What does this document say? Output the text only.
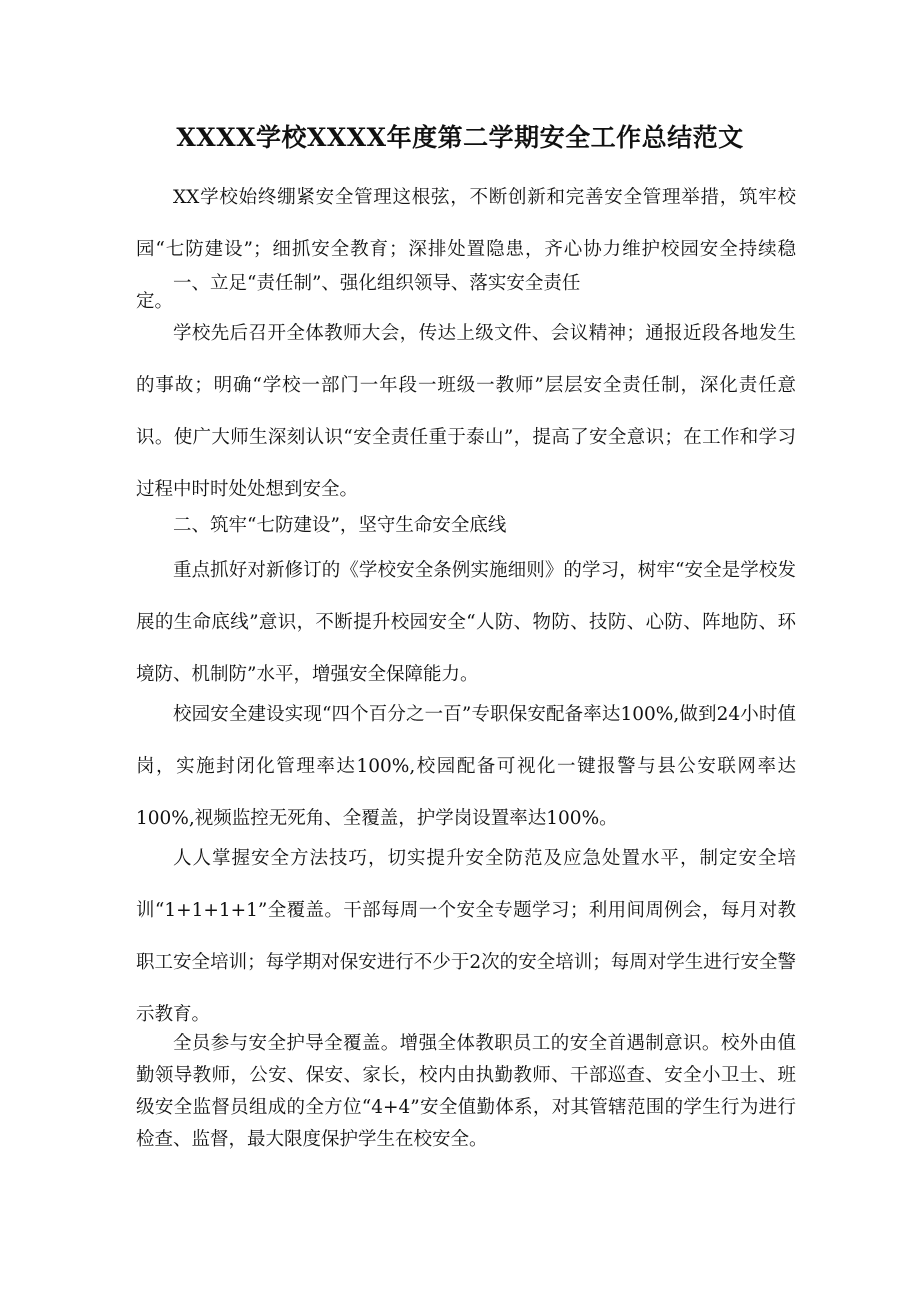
XXXX学校XXXX年度第二学期安全工作总结范文

XX学校始终绷紧安全管理这根弦，不断创新和完善安全管理举措，筑牢校园“七防建设”；细抓安全教育；深排处置隐患，齐心协力维护校园安全持续稳定。

一、立足“责任制”、强化组织领导、落实安全责任

学校先后召开全体教师大会，传达上级文件、会议精神；通报近段各地发生的事故；明确“学校一部门一年段一班级一教师”层层安全责任制，深化责任意识。使广大师生深刻认识“安全责任重于泰山”，提高了安全意识；在工作和学习过程中时时处处想到安全。

二、筑牢“七防建设”，坚守生命安全底线

重点抓好对新修订的《学校安全条例实施细则》的学习，树牢“安全是学校发展的生命底线”意识，不断提升校园安全“人防、物防、技防、心防、阵地防、环境防、机制防”水平，增强安全保障能力。

校园安全建设实现“四个百分之一百”专职保安配备率达100%,做到24小时值岗，实施封闭化管理率达100%,校园配备可视化一键报警与县公安联网率达100%,视频监控无死角、全覆盖，护学岗设置率达100%。

人人掌握安全方法技巧，切实提升安全防范及应急处置水平，制定安全培训“1+1+1+1”全覆盖。干部每周一个安全专题学习；利用间周例会，每月对教职工安全培训；每学期对保安进行不少于2次的安全培训；每周对学生进行安全警示教育。

全员参与安全护导全覆盖。增强全体教职员工的安全首遇制意识。校外由值勤领导教师，公安、保安、家长，校内由执勤教师、干部巡查、安全小卫士、班级安全监督员组成的全方位“4+4”安全值勤体系，对其管辖范围的学生行为进行检查、监督，最大限度保护学生在校安全。
